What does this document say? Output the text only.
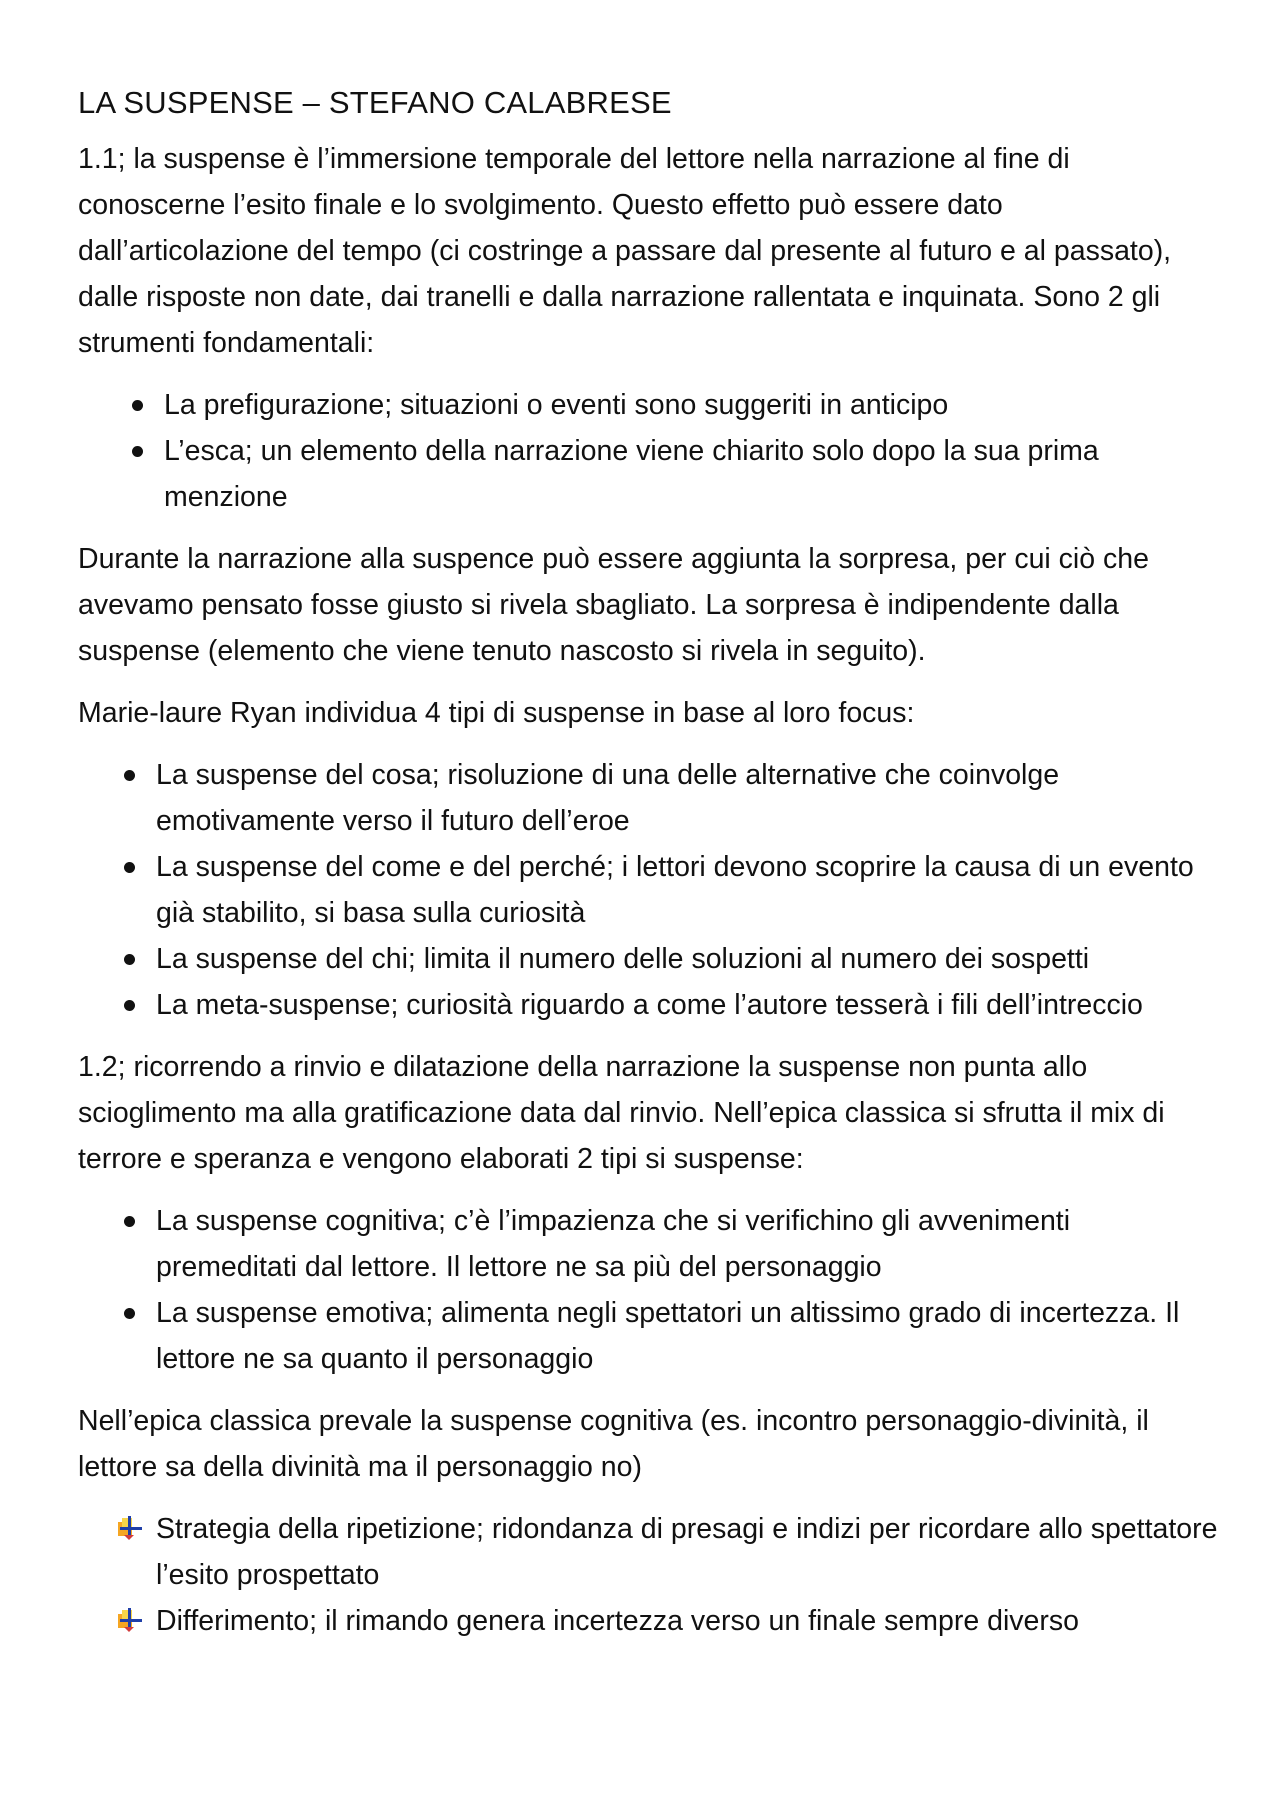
LA SUSPENSE – STEFANO CALABRESE

1.1; la suspense è l’immersione temporale del lettore nella narrazione al fine di conoscerne l’esito finale e lo svolgimento. Questo effetto può essere dato dall’articolazione del tempo (ci costringe a passare dal presente al futuro e al passato), dalle risposte non date, dai tranelli e dalla narrazione rallentata e inquinata. Sono 2 gli strumenti fondamentali:

La prefigurazione; situazioni o eventi sono suggeriti in anticipo
L’esca; un elemento della narrazione viene chiarito solo dopo la sua prima menzione

Durante la narrazione alla suspence può essere aggiunta la sorpresa, per cui ciò che avevamo pensato fosse giusto si rivela sbagliato. La sorpresa è indipendente dalla suspense (elemento che viene tenuto nascosto si rivela in seguito).

Marie-laure Ryan individua 4 tipi di suspense in base al loro focus:

La suspense del cosa; risoluzione di una delle alternative che coinvolge emotivamente verso il futuro dell’eroe
La suspense del come e del perché; i lettori devono scoprire la causa di un evento già stabilito, si basa sulla curiosità
La suspense del chi; limita il numero delle soluzioni al numero dei sospetti
La meta-suspense; curiosità riguardo a come l’autore tesserà i fili dell’intreccio

1.2; ricorrendo a rinvio e dilatazione della narrazione la suspense non punta allo scioglimento ma alla gratificazione data dal rinvio. Nell’epica classica si sfrutta il mix di terrore e speranza e vengono elaborati 2 tipi si suspense:

La suspense cognitiva; c’è l’impazienza che si verifichino gli avvenimenti premeditati dal lettore. Il lettore ne sa più del personaggio
La suspense emotiva; alimenta negli spettatori un altissimo grado di incertezza. Il lettore ne sa quanto il personaggio

Nell’epica classica prevale la suspense cognitiva (es. incontro personaggio-divinità, il lettore sa della divinità ma il personaggio no)

Strategia della ripetizione; ridondanza di presagi e indizi per ricordare allo spettatore l’esito prospettato
Differimento; il rimando genera incertezza verso un finale sempre diverso
